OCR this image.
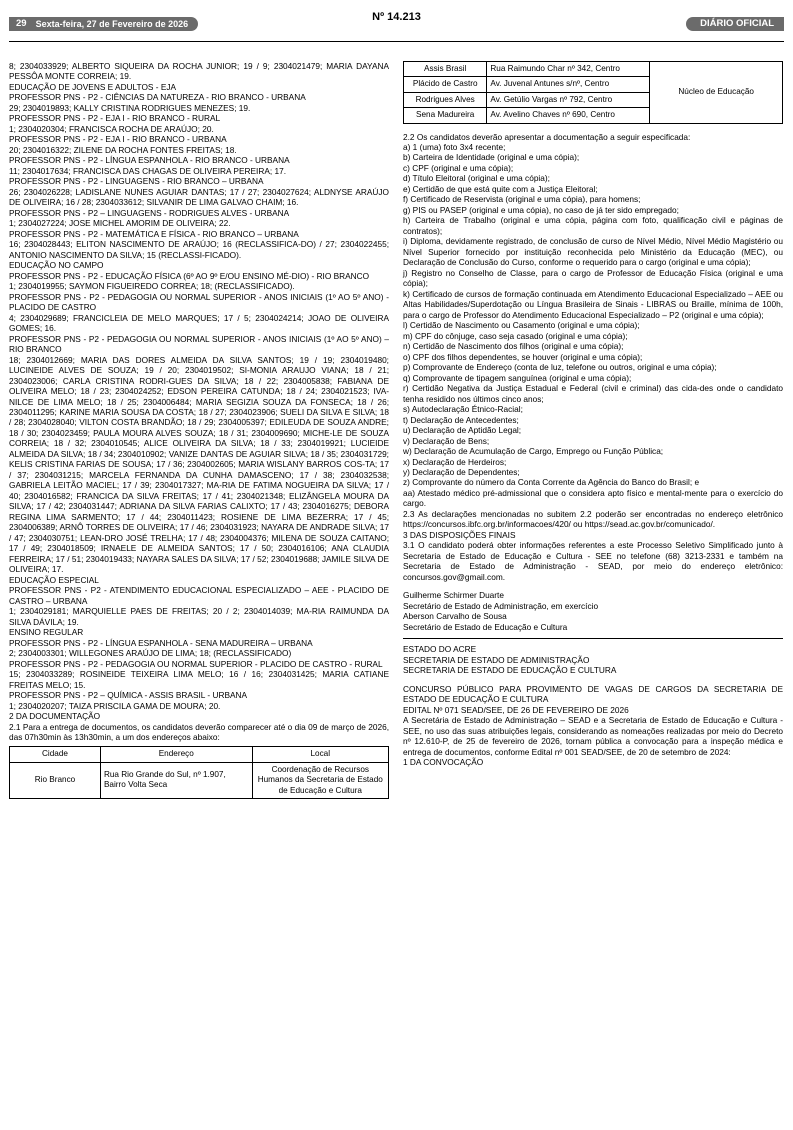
29	Sexta-feira, 27 de Fevereiro de 2026
Nº 14.213
DIÁRIO OFICIAL

8; 2304033929; ALBERTO SIQUEIRA DA ROCHA JUNIOR; 19 / 9; 2304021479; MARIA DAYANA PESSÔA MONTE CORREIA; 19.

EDUCAÇÃO DE JOVENS E ADULTOS - EJA

PROFESSOR PNS - P2 - CIÊNCIAS DA NATUREZA - RIO BRANCO - URBANA

29; 2304019893; KALLY CRISTINA RODRIGUES MENEZES; 19.

PROFESSOR PNS - P2 - EJA I - RIO BRANCO - RURAL

1; 2304020304; FRANCISCA ROCHA DE ARAÚJO; 20.

PROFESSOR PNS - P2 - EJA I - RIO BRANCO - URBANA

20; 2304016322; ZILENE DA ROCHA FONTES FREITAS; 18.

PROFESSOR PNS - P2 - LÍNGUA ESPANHOLA - RIO BRANCO - URBANA

11; 2304017634; FRANCISCA DAS CHAGAS DE OLIVEIRA PEREIRA; 17.

PROFESSOR PNS - P2 - LINGUAGENS - RIO BRANCO – URBANA

26; 2304026228; LADISLANE NUNES AGUIAR DANTAS; 17 / 27; 2304027624; ALDNYSE ARAÚJO DE OLIVEIRA; 16 / 28; 2304033612; SILVANIR DE LIMA GALVAO CHAIM; 16.

PROFESSOR PNS - P2 – LINGUAGENS - RODRIGUES ALVES - URBANA

1; 2304027224; JOSE MICHEL AMORIM DE OLIVEIRA; 22.

PROFESSOR PNS - P2 - MATEMÁTICA E FÍSICA - RIO BRANCO – URBANA

16; 2304028443; ELITON NASCIMENTO DE ARAÚJO; 16 (RECLASSIFICA-DO) / 27; 2304022455; ANTONIO NASCIMENTO DA SILVA; 15 (RECLASSI-FICADO).

EDUCAÇÃO NO CAMPO

PROFESSOR PNS - P2 - EDUCAÇÃO FÍSICA (6º AO 9º E/OU ENSINO MÉ-DIO) - RIO BRANCO

1; 2304019955; SAYMON FIGUEIREDO CORREA; 18; (RECLASSIFICADO).

PROFESSOR PNS - P2 - PEDAGOGIA OU NORMAL SUPERIOR - ANOS INICIAIS (1º AO 5º ANO) - PLACIDO DE CASTRO

4; 2304029689; FRANCICLEIA DE MELO MARQUES; 17 / 5; 2304024214; JOAO DE OLIVEIRA GOMES; 16.

PROFESSOR PNS - P2 - PEDAGOGIA OU NORMAL SUPERIOR - ANOS INICIAIS (1º AO 5º ANO) – RIO BRANCO

18; 2304012669; MARIA DAS DORES ALMEIDA DA SILVA SANTOS; 19 / 19; 2304019480; LUCINEIDE ALVES DE SOUZA; 19 / 20; 2304019502; SI-MONIA ARAUJO VIANA; 18 / 21; 2304023006; CARLA CRISTINA RODRI-GUES DA SILVA; 18 / 22; 2304005838; FABIANA DE OLIVEIRA MELO; 18 / 23; 2304024252; EDSON PEREIRA CATUNDA; 18 / 24; 2304021523; IVA-NILCE DE LIMA MELO; 18 / 25; 2304006484; MARIA SEGIZIA SOUZA DA FONSECA; 18 / 26; 2304011295; KARINE MARIA SOUSA DA COSTA; 18 / 27; 2304023906; SUELI DA SILVA E SILVA; 18 / 28; 2304028040; VILTON COSTA BRANDÃO; 18 / 29; 2304005397; EDILEUDA DE SOUZA ANDRE; 18 / 30; 2304023459; PAULA MOURA ALVES SOUZA; 18 / 31; 2304009690; MICHE-LE DE SOUZA CORREIA; 18 / 32; 2304010545; ALICE OLIVEIRA DA SILVA; 18 / 33; 2304019921; LUCIEIDE ALMEIDA DA SILVA; 18 / 34; 2304010902; VANIZE DANTAS DE AGUIAR SILVA; 18 / 35; 2304031729; KELIS CRISTINA FARIAS DE SOUSA; 17 / 36; 2304002605; MARIA WISLANY BARROS COS-TA; 17 / 37; 2304031215; MARCELA FERNANDA DA CUNHA DAMASCENO; 17 / 38; 2304032538; GABRIELA LEITÃO MACIEL; 17 / 39; 2304017327; MA-RIA DE FATIMA NOGUEIRA DA SILVA; 17 / 40; 2304016582; FRANCICA DA SILVA FREITAS; 17 / 41; 2304021348; ELIZÂNGELA MOURA DA SILVA; 17 / 42; 2304031447; ADRIANA DA SILVA FARIAS CALIXTO; 17 / 43; 2304016275; DEBORA REGINA LIMA SARMENTO; 17 / 44; 2304011423; ROSIENE DE LIMA BEZERRA; 17 / 45; 2304006389; ARNÔ TORRES DE OLIVEIRA; 17 / 46; 2304031923; NAYARA DE ANDRADE SILVA; 17 / 47; 2304030751; LEAN-DRO JOSÉ TRELHA; 17 / 48; 2304004376; MILENA DE SOUZA CAITANO; 17 / 49; 2304018509; IRNAELE DE ALMEIDA SANTOS; 17 / 50; 2304016106; ANA CLAUDIA FERREIRA; 17 / 51; 2304019433; NAYARA SALES DA SILVA; 17 / 52; 2304019688; JAMILE SILVA DE OLIVEIRA; 17.

EDUCAÇÃO ESPECIAL

PROFESSOR PNS - P2 - ATENDIMENTO EDUCACIONAL ESPECIALIZADO – AEE - PLACIDO DE CASTRO – URBANA

1; 2304029181; MARQUIELLE PAES DE FREITAS; 20 / 2; 2304014039; MA-RIA RAIMUNDA DA SILVA DÁVILA; 19.

ENSINO REGULAR

PROFESSOR PNS - P2 - LÍNGUA ESPANHOLA - SENA MADUREIRA – URBANA

2; 2304003301; WILLEGONES ARAÚJO DE LIMA; 18; (RECLASSIFICADO)

PROFESSOR PNS - P2 - PEDAGOGIA OU NORMAL SUPERIOR - PLACIDO DE CASTRO - RURAL

15; 2304033289; ROSINEIDE TEIXEIRA LIMA MELO; 16 / 16; 2304031425; MARIA CATIANE FREITAS MELO; 15.

PROFESSOR PNS - P2 – QUÍMICA - ASSIS BRASIL - URBANA

1; 2304020207; TAIZA PRISCILA GAMA DE MOURA; 20.

2 DA DOCUMENTAÇÃO

2.1 Para a entrega de documentos, os candidatos deverão comparecer até o dia 09 de março de 2026, das 07h30min às 13h30min, a um dos endereços abaixo:

Cidade	Endereço	Local
Rio Branco	Rua Rio Grande do Sul, nº 1.907, Bairro Volta Seca	Coordenação de Recursos Humanos da Secretaria de Estado de Educação e Cultura
Assis Brasil	Rua Raimundo Char nº 342, Centro	Núcleo de Educação
Plácido de Castro	Av. Juvenal Antunes s/nº, Centro	
Rodrigues Alves	Av. Getúlio Vargas nº 792, Centro	
Sena Madureira	Av. Avelino Chaves nº 690, Centro	

2.2 Os candidatos deverão apresentar a documentação a seguir especificada:

a) 1 (uma) foto 3x4 recente;

b) Carteira de Identidade (original e uma cópia);

c) CPF (original e uma cópia);

d) Título Eleitoral (original e uma cópia);

e) Certidão de que está quite com a Justiça Eleitoral;

f) Certificado de Reservista (original e uma cópia), para homens;

g) PIS ou PASEP (original e uma cópia), no caso de já ter sido empregado;

h) Carteira de Trabalho (original e uma cópia, página com foto, qualificação civil e páginas de contratos);

i) Diploma, devidamente registrado, de conclusão de curso de Nível Médio, Nível Médio Magistério ou Nível Superior fornecido por instituição reconhecida pelo Ministério da Educação (MEC), ou Declaração de Conclusão do Curso, conforme o requerido para o cargo (original e uma cópia);

j) Registro no Conselho de Classe, para o cargo de Professor de Educação Física (original e uma cópia);

k) Certificado de cursos de formação continuada em Atendimento Educacional Especializado – AEE ou Altas Habilidades/Superdotação ou Língua Brasileira de Sinais - LIBRAS ou Braille, mínima de 100h, para o cargo de Professor do Atendimento Educacional Especializado – P2 (original e uma cópia);

l) Certidão de Nascimento ou Casamento (original e uma cópia);

m) CPF do cônjuge, caso seja casado (original e uma cópia);

n) Certidão de Nascimento dos filhos (original e uma cópia);

o) CPF dos filhos dependentes, se houver (original e uma cópia);

p) Comprovante de Endereço (conta de luz, telefone ou outros, original e uma cópia);

q) Comprovante de tipagem sanguínea (original e uma cópia);

r) Certidão Negativa da Justiça Estadual e Federal (civil e criminal) das cida-des onde o candidato tenha residido nos últimos cinco anos;

s) Autodeclaração Étnico-Racial;

t) Declaração de Antecedentes;

u) Declaração de Aptidão Legal;

v) Declaração de Bens;

w) Declaração de Acumulação de Cargo, Emprego ou Função Pública;

x) Declaração de Herdeiros;

y) Declaração de Dependentes;

z) Comprovante do número da Conta Corrente da Agência do Banco do Brasil; e

aa) Atestado médico pré-admissional que o considera apto físico e mental-mente para o exercício do cargo.

2.3 As declarações mencionadas no subitem 2.2 poderão ser encontradas no endereço eletrônico https://concursos.ibfc.org.br/informacoes/420/ ou https://sead.ac.gov.br/comunicado/.

3 DAS DISPOSIÇÕES FINAIS

3.1 O candidato poderá obter informações referentes a este Processo Seletivo Simplificado junto à Secretaria de Estado de Educação e Cultura - SEE no telefone (68) 3213-2331 e também na Secretaria de Estado de Administração - SEAD, por meio do endereço eletrônico: concursos.gov@gmail.com.

Guilherme Schirmer Duarte

Secretário de Estado de Administração, em exercício

Aberson Carvalho de Sousa

Secretário de Estado de Educação e Cultura

ESTADO DO ACRE

SECRETARIA DE ESTADO DE ADMINISTRAÇÃO

SECRETARIA DE ESTADO DE EDUCAÇÃO E CULTURA

CONCURSO PÚBLICO PARA PROVIMENTO DE VAGAS DE CARGOS DA SECRETARIA DE ESTADO DE EDUCAÇÃO E CULTURA

EDITAL Nº 071 SEAD/SEE, DE 26 DE FEVEREIRO DE 2026

A Secretária de Estado de Administração – SEAD e a Secretaria de Estado de Educação e Cultura - SEE, no uso das suas atribuições legais, considerando as nomeações realizadas por meio do Decreto nº 12.610-P, de 25 de fevereiro de 2026, tornam pública a convocação para a inspeção médica e entrega de documentos, conforme Edital nº 001 SEAD/SEE, de 20 de setembro de 2024:

1 DA CONVOCAÇÃO
